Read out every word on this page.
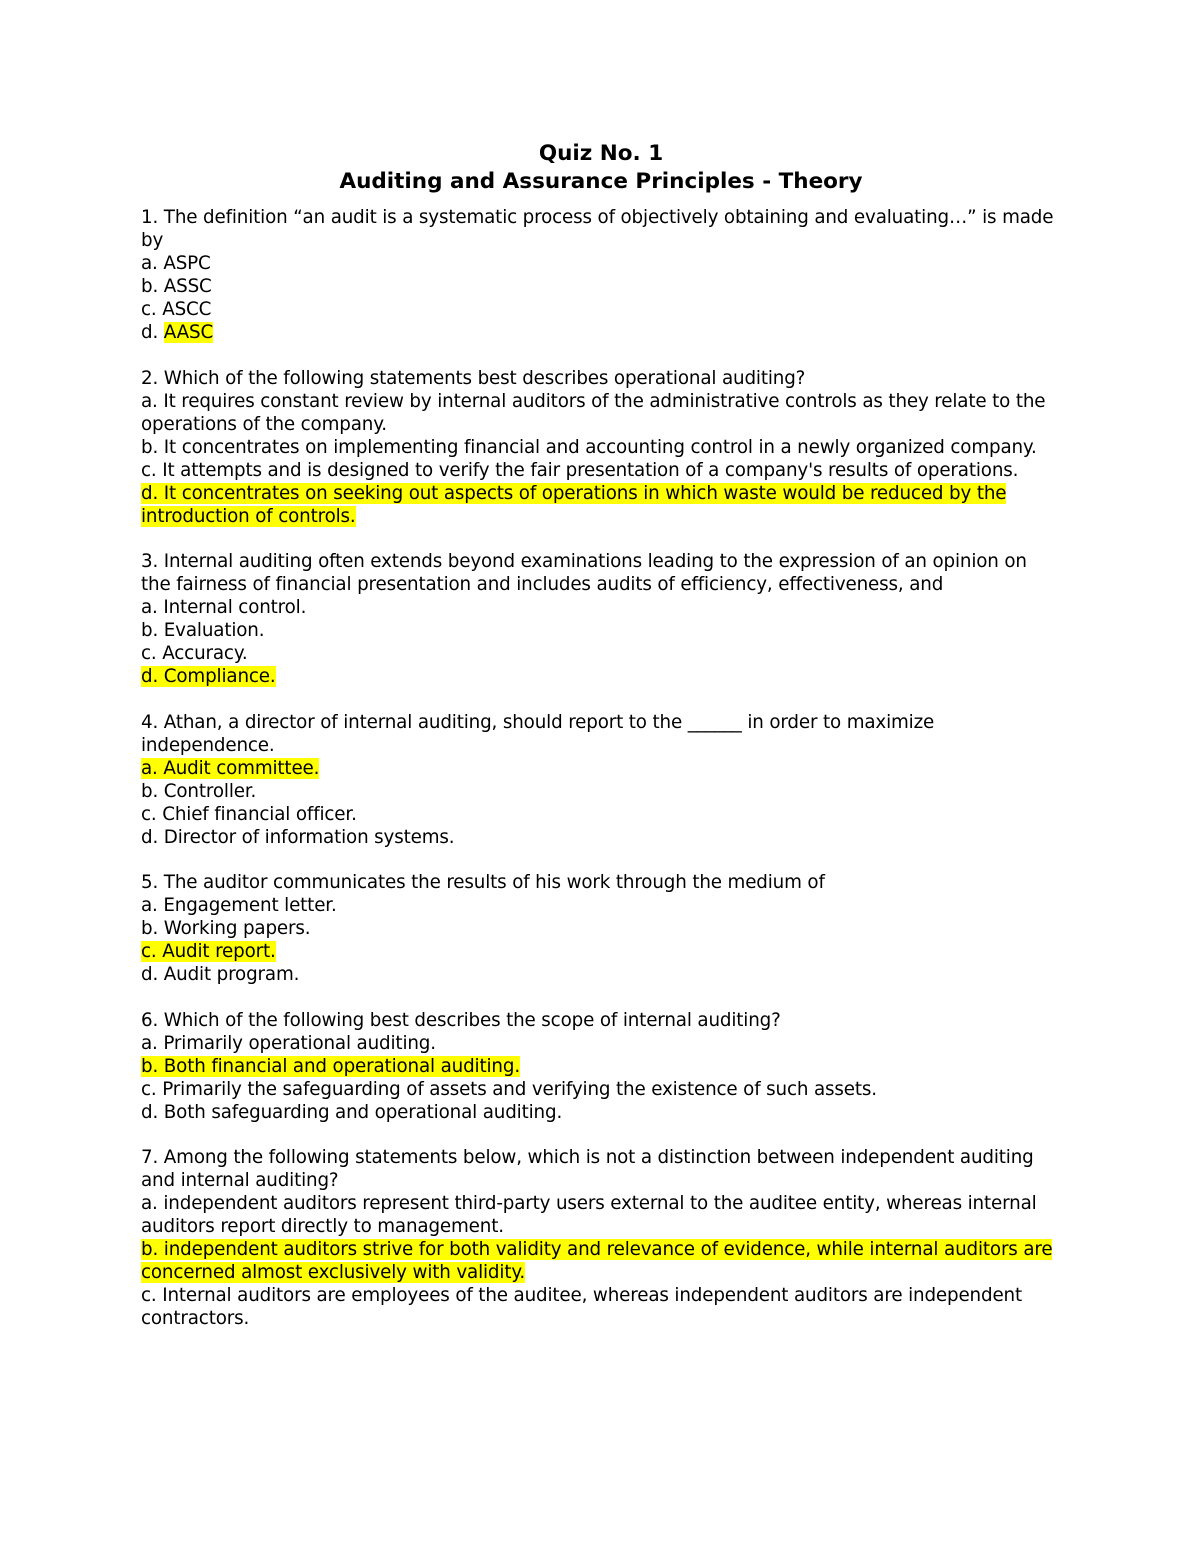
Quiz No. 1
Auditing and Assurance Principles - Theory
1. The definition “an audit is a systematic process of objectively obtaining and evaluating…” is made by
a. ASPC
b. ASSC
c. ASCC
d. AASC
2. Which of the following statements best describes operational auditing?
a. It requires constant review by internal auditors of the administrative controls as they relate to the operations of the company.
b. It concentrates on implementing financial and accounting control in a newly organized company.
c. It attempts and is designed to verify the fair presentation of a company's results of operations.
d. It concentrates on seeking out aspects of operations in which waste would be reduced by the introduction of controls.
3. Internal auditing often extends beyond examinations leading to the expression of an opinion on the fairness of financial presentation and includes audits of efficiency, effectiveness, and
a. Internal control.
b. Evaluation.
c. Accuracy.
d. Compliance.
4. Athan, a director of internal auditing, should report to the ______ in order to maximize independence.
a. Audit committee.
b. Controller.
c. Chief financial officer.
d. Director of information systems.
5. The auditor communicates the results of his work through the medium of
a. Engagement letter.
b. Working papers.
c. Audit report.
d. Audit program.
6. Which of the following best describes the scope of internal auditing?
a. Primarily operational auditing.
b. Both financial and operational auditing.
c. Primarily the safeguarding of assets and verifying the existence of such assets.
d. Both safeguarding and operational auditing.
7. Among the following statements below, which is not a distinction between independent auditing and internal auditing?
a. independent auditors represent third-party users external to the auditee entity, whereas internal auditors report directly to management.
b. independent auditors strive for both validity and relevance of evidence, while internal auditors are concerned almost exclusively with validity.
c. Internal auditors are employees of the auditee, whereas independent auditors are independent contractors.
